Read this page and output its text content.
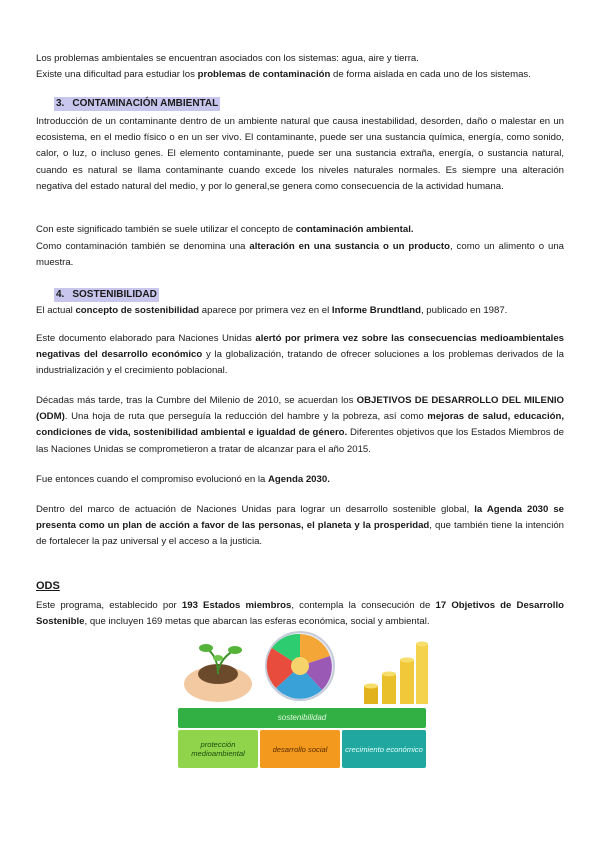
Los problemas ambientales se encuentran asociados con los sistemas: agua, aire y tierra.

Existe una dificultad para estudiar los problemas de contaminación de forma aislada en cada uno de los sistemas.

3. CONTAMINACIÓN AMBIENTAL

Introducción de un contaminante dentro de un ambiente natural que causa inestabilidad, desorden, daño o malestar en un ecosistema, en el medio físico o en un ser vivo. El contaminante, puede ser una sustancia química, energía, como sonido, calor, o luz, o incluso genes. El elemento contaminante, puede ser una sustancia extraña, energía, o sustancia natural, cuando es natural se llama contaminante cuando excede los niveles naturales normales. Es siempre una alteración negativa del estado natural del medio, y por lo general,se genera como consecuencia de la actividad humana.

Con este significado también se suele utilizar el concepto de contaminación ambiental.

Como contaminación también se denomina una alteración en una sustancia o un producto, como un alimento o una muestra.

4. SOSTENIBILIDAD

El actual concepto de sostenibilidad aparece por primera vez en el Informe Brundtland, publicado en 1987.

Este documento elaborado para Naciones Unidas alertó por primera vez sobre las consecuencias medioambientales negativas del desarrollo económico y la globalización, tratando de ofrecer soluciones a los problemas derivados de la industrialización y el crecimiento poblacional.

Décadas más tarde, tras la Cumbre del Milenio de 2010, se acuerdan los OBJETIVOS DE DESARROLLO DEL MILENIO (ODM). Una hoja de ruta que perseguía la reducción del hambre y la pobreza, así como mejoras de salud, educación, condiciones de vida, sostenibilidad ambiental e igualdad de género. Diferentes objetivos que los Estados Miembros de las Naciones Unidas se comprometieron a tratar de alcanzar para el año 2015.

Fue entonces cuando el compromiso evolucionó en la Agenda 2030.

Dentro del marco de actuación de Naciones Unidas para lograr un desarrollo sostenible global, la Agenda 2030 se presenta como un plan de acción a favor de las personas, el planeta y la prosperidad, que también tiene la intención de fortalecer la paz universal y el acceso a la justicia.

ODS

Este programa, establecido por 193 Estados miembros, contempla la consecución de 17 Objetivos de Desarrollo Sostenible, que incluyen 169 metas que abarcan las esferas económica, social y ambiental.

sostenibilidad
protección medioambiental	desarrollo social	crecimiento económico
